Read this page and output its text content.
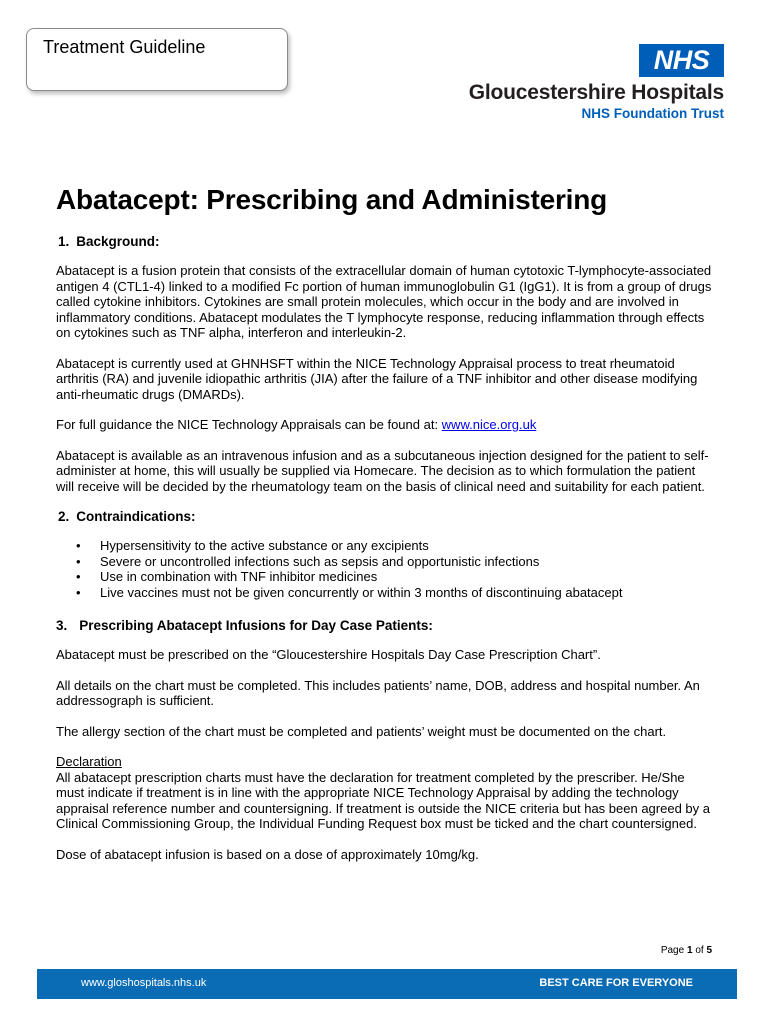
Treatment Guideline	NHS
Gloucestershire Hospitals
NHS Foundation Trust
Abatacept: Prescribing and Administering
1. Background:

Abatacept is a fusion protein that consists of the extracellular domain of human cytotoxic T-lymphocyte-associated antigen 4 (CTL1-4) linked to a modified Fc portion of human immunoglobulin G1 (IgG1). It is from a group of drugs called cytokine inhibitors. Cytokines are small protein molecules, which occur in the body and are involved in inflammatory conditions. Abatacept modulates the T lymphocyte response, reducing inflammation through effects on cytokines such as TNF alpha, interferon and interleukin-2.

Abatacept is currently used at GHNHSFT within the NICE Technology Appraisal process to treat rheumatoid arthritis (RA) and juvenile idiopathic arthritis (JIA) after the failure of a TNF inhibitor and other disease modifying anti-rheumatic drugs (DMARDs).

For full guidance the NICE Technology Appraisals can be found at: www.nice.org.uk

Abatacept is available as an intravenous infusion and as a subcutaneous injection designed for the patient to self-administer at home, this will usually be supplied via Homecare. The decision as to which formulation the patient will receive will be decided by the rheumatology team on the basis of clinical need and suitability for each patient.

2. Contraindications:
• Hypersensitivity to the active substance or any excipients
• Severe or uncontrolled infections such as sepsis and opportunistic infections
• Use in combination with TNF inhibitor medicines
• Live vaccines must not be given concurrently or within 3 months of discontinuing abatacept
3. Prescribing Abatacept Infusions for Day Case Patients:

Abatacept must be prescribed on the “Gloucestershire Hospitals Day Case Prescription Chart”.

All details on the chart must be completed. This includes patients’ name, DOB, address and hospital number. An addressograph is sufficient.

The allergy section of the chart must be completed and patients’ weight must be documented on the chart.

Declaration

All abatacept prescription charts must have the declaration for treatment completed by the prescriber. He/She must indicate if treatment is in line with the appropriate NICE Technology Appraisal by adding the technology appraisal reference number and countersigning. If treatment is outside the NICE criteria but has been agreed by a Clinical Commissioning Group, the Individual Funding Request box must be ticked and the chart countersigned.

Dose of abatacept infusion is based on a dose of approximately 10mg/kg.

Page 1 of 5
www.gloshospitals.nhs.uk	BEST CARE FOR EVERYONE
